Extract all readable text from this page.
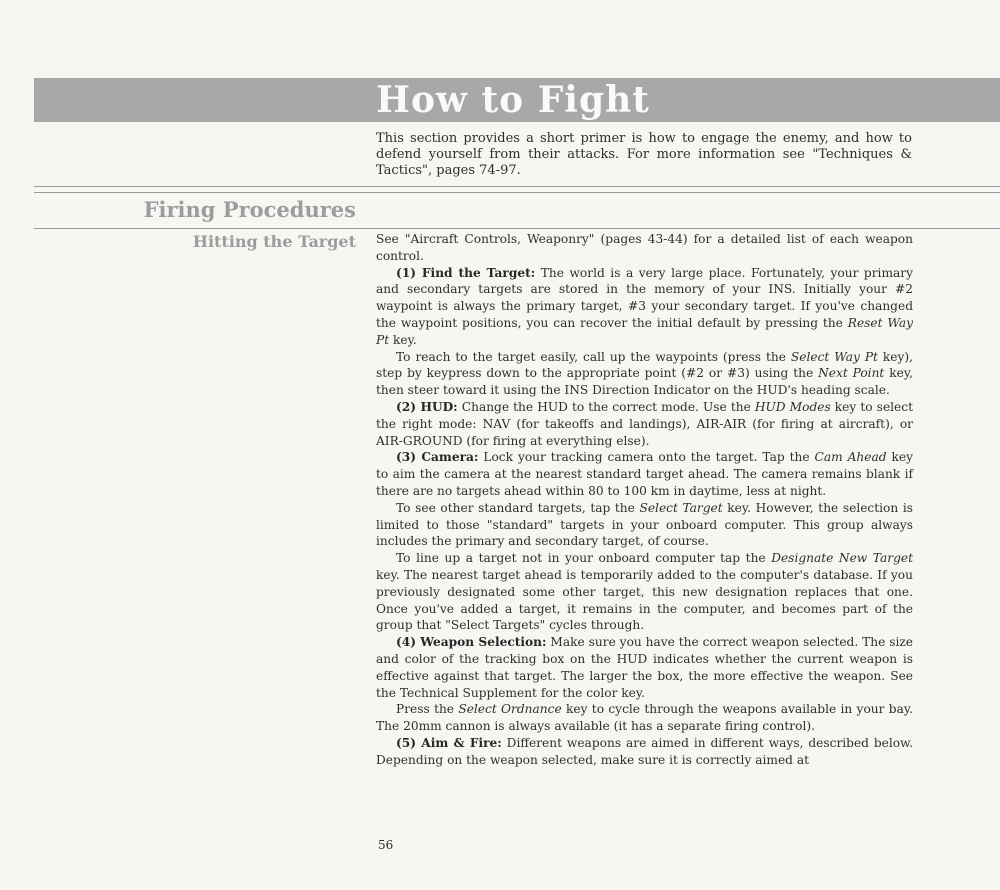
How to Fight
This section provides a short primer is how to engage the enemy, and how to defend yourself from their attacks. For more information see "Techniques & Tactics", pages 74-97.
Firing Procedures
Hitting the Target See "Aircraft Controls, Weaponry" (pages 43-44) for a detailed list of each weapon control.

(1) Find the Target: The world is a very large place. Fortunately, your primary and secondary targets are stored in the memory of your INS. Initially your #2 waypoint is always the primary target, #3 your secondary target. If you've changed the waypoint positions, you can recover the initial default by pressing the Reset Way Pt key.

To reach to the target easily, call up the waypoints (press the Select Way Pt key), step by keypress down to the appropriate point (#2 or #3) using the Next Point key, then steer toward it using the INS Direction Indicator on the HUD's heading scale.

(2) HUD: Change the HUD to the correct mode. Use the HUD Modes key to select the right mode: NAV (for takeoffs and landings), AIR-AIR (for firing at aircraft), or AIR-GROUND (for firing at everything else).

(3) Camera: Lock your tracking camera onto the target. Tap the Cam Ahead key to aim the camera at the nearest standard target ahead. The camera remains blank if there are no targets ahead within 80 to 100 km in daytime, less at night.

To see other standard targets, tap the Select Target key. However, the selection is limited to those "standard" targets in your onboard computer. This group always includes the primary and secondary target, of course.

To line up a target not in your onboard computer tap the Designate New Target key. The nearest target ahead is temporarily added to the computer's database. If you previously designated some other target, this new designation replaces that one. Once you've added a target, it remains in the computer, and becomes part of the group that "Select Targets" cycles through.

(4) Weapon Selection: Make sure you have the correct weapon selected. The size and color of the tracking box on the HUD indicates whether the current weapon is effective against that target. The larger the box, the more effective the weapon. See the Technical Supplement for the color key.

Press the Select Ordnance key to cycle through the weapons available in your bay. The 20mm cannon is always available (it has a separate firing control).

(5) Aim & Fire: Different weapons are aimed in different ways, described below. Depending on the weapon selected, make sure it is correctly aimed at

56
